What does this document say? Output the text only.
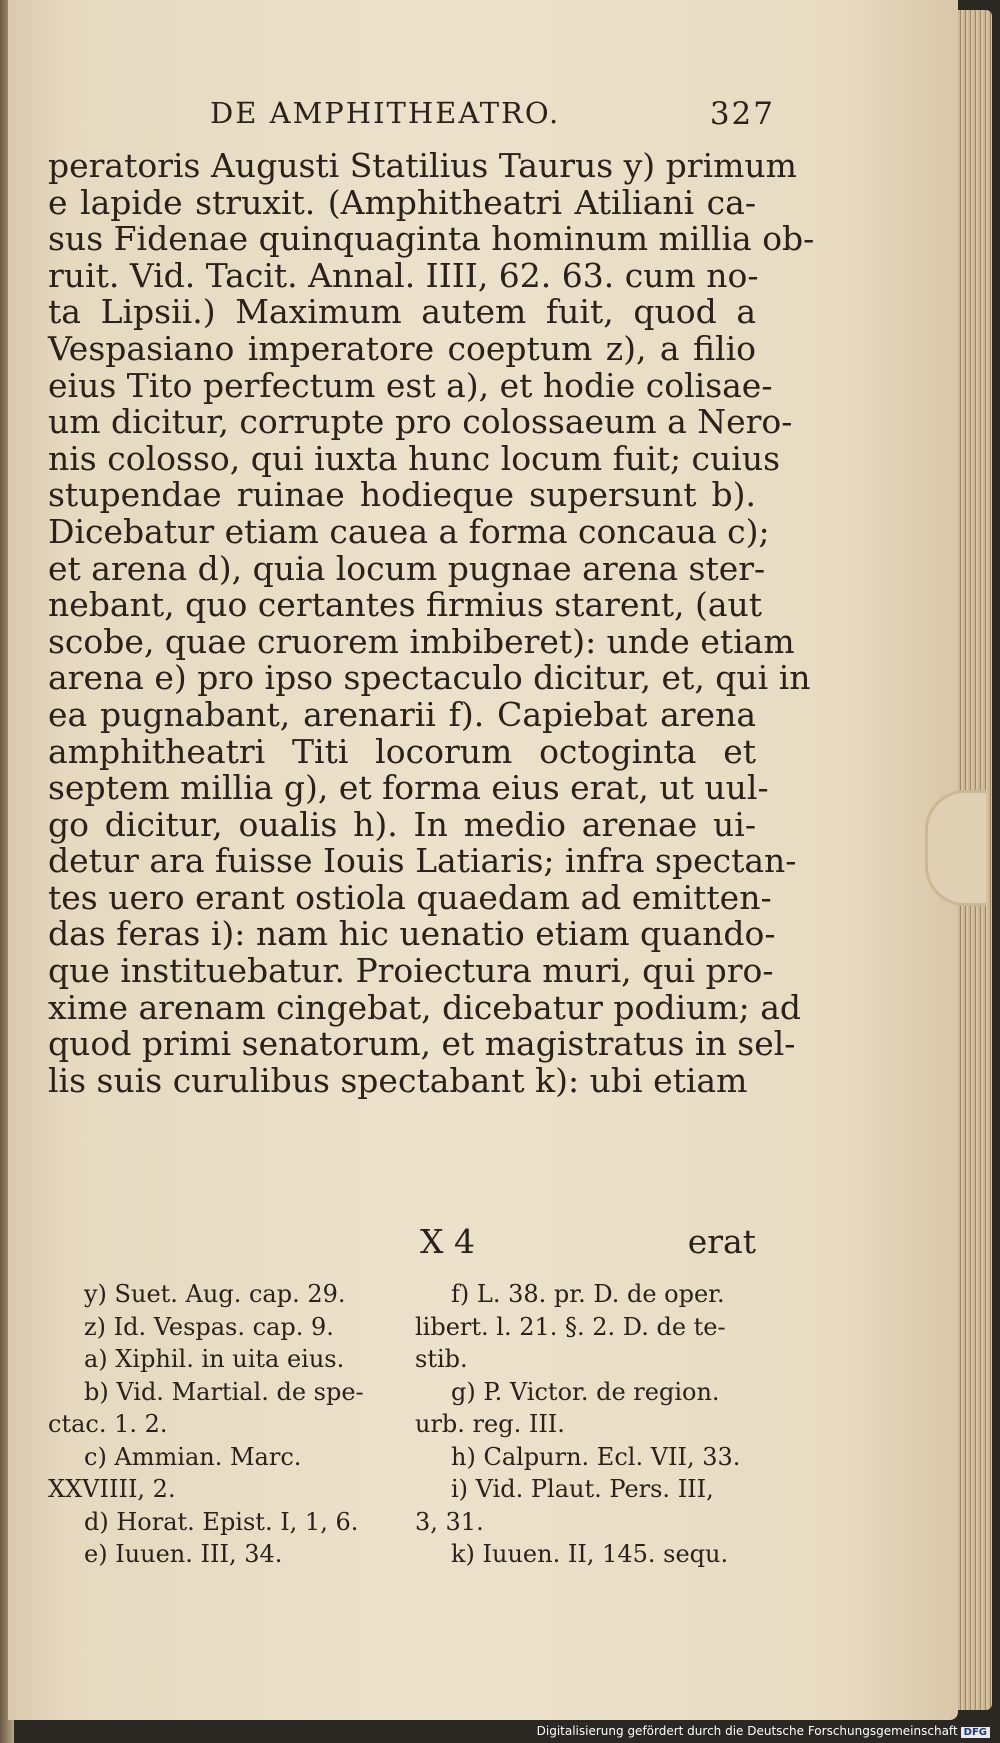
DE AMPHITHEATRO.	327
peratoris Augusti Statilius Taurus y) primum
e lapide struxit. (Amphitheatri Atiliani ca-
sus Fidenae quinquaginta hominum millia ob-
ruit. Vid. Tacit. Annal. IIII, 62. 63. cum no-
ta Lipsii.) Maximum autem fuit, quod a
Vespasiano imperatore coeptum z), a filio
eius Tito perfectum est a), et hodie colisae-
um dicitur, corrupte pro colossaeum a Nero-
nis colosso, qui iuxta hunc locum fuit; cuius
stupendae ruinae hodieque supersunt b).
Dicebatur etiam cauea a forma concaua c);
et arena d), quia locum pugnae arena ster-
nebant, quo certantes firmius starent, (aut
scobe, quae cruorem imbiberet): unde etiam
arena e) pro ipso spectaculo dicitur, et, qui in
ea pugnabant, arenarii f). Capiebat arena
amphitheatri Titi locorum octoginta et
septem millia g), et forma eius erat, ut uul-
go dicitur, oualis h). In medio arenae ui-
detur ara fuisse Iouis Latiaris; infra spectan-
tes uero erant ostiola quaedam ad emitten-
das feras i): nam hic uenatio etiam quando-
que instituebatur. Proiectura muri, qui pro-
xime arenam cingebat, dicebatur podium; ad
quod primi senatorum, et magistratus in sel-
lis suis curulibus spectabant k): ubi etiam
X 4	erat
y) Suet. Aug. cap. 29.
z) Id. Vespas. cap. 9.
a) Xiphil. in uita eius.
b) Vid. Martial. de spe-
ctac. 1. 2.
c) Ammian. Marc.
XXVIIII, 2.
d) Horat. Epist. I, 1, 6.
e) Iuuen. III, 34.
f) L. 38. pr. D. de oper.
libert. l. 21. §. 2. D. de te-
stib.
g) P. Victor. de region.
urb. reg. III.
h) Calpurn. Ecl. VII, 33.
i) Vid. Plaut. Pers. III,
3, 31.
k) Iuuen. II, 145. sequ.
Digitalisierung gefördert durch die Deutsche Forschungsgemeinschaft DFG
